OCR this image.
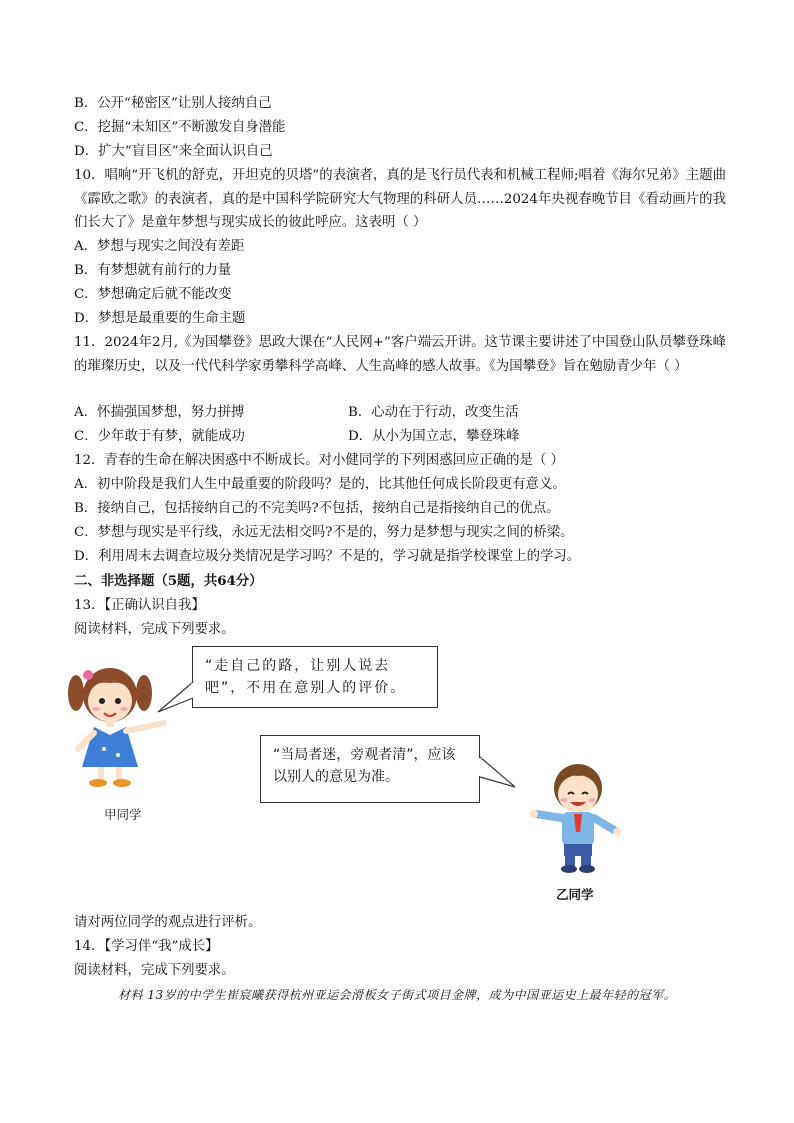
B．公开“秘密区”让别人接纳自己
C．挖掘“未知区”不断激发自身潜能
D．扩大“盲目区”来全面认识自己
10．唱响“开飞机的舒克，开坦克的贝塔”的表演者，真的是飞行员代表和机械工程师;唱着《海尔兄弟》主题曲《霹欧之歌》的表演者，真的是中国科学院研究大气物理的科研人员……2024年央视春晚节目《看动画片的我们长大了》是童年梦想与现实成长的彼此呼应。这表明（ ）
A．梦想与现实之间没有差距
B．有梦想就有前行的力量
C．梦想确定后就不能改变
D．梦想是最重要的生命主题
11．2024年2月,《为国攀登》思政大课在“人民网+”客户端云开讲。这节课主要讲述了中国登山队员攀登珠峰的璀璨历史，以及一代代科学家勇攀科学高峰、人生高峰的感人故事。《为国攀登》旨在勉励青少年（ ）
A．怀揣强国梦想，努力拼搏	B．心动在于行动，改变生活
C．少年敢于有梦，就能成功	D．从小为国立志，攀登珠峰
12．青春的生命在解决困惑中不断成长。对小健同学的下列困惑回应正确的是（ ）
A．初中阶段是我们人生中最重要的阶段吗？是的，比其他任何成长阶段更有意义。
B．接纳自己，包括接纳自己的不完美吗?不包括，接纳自己是指接纳自己的优点。
C．梦想与现实是平行线，永远无法相交吗?不是的，努力是梦想与现实之间的桥梁。
D．利用周末去调查垃圾分类情况是学习吗？不是的，学习就是指学校课堂上的学习。
二、非选择题（5题，共64分）
13．【正确认识自我】
阅读材料，完成下列要求。
“走自己的路，让别人说去吧”，不用在意别人的评价。
甲同学
“当局者迷，旁观者清”，应该以别人的意见为准。
乙同学
请对两位同学的观点进行评析。
14．【学习伴“我”成长】
阅读材料，完成下列要求。
材料 13岁的中学生崔宸曦获得杭州亚运会滑板女子街式项目金牌，成为中国亚运史上最年轻的冠军。
